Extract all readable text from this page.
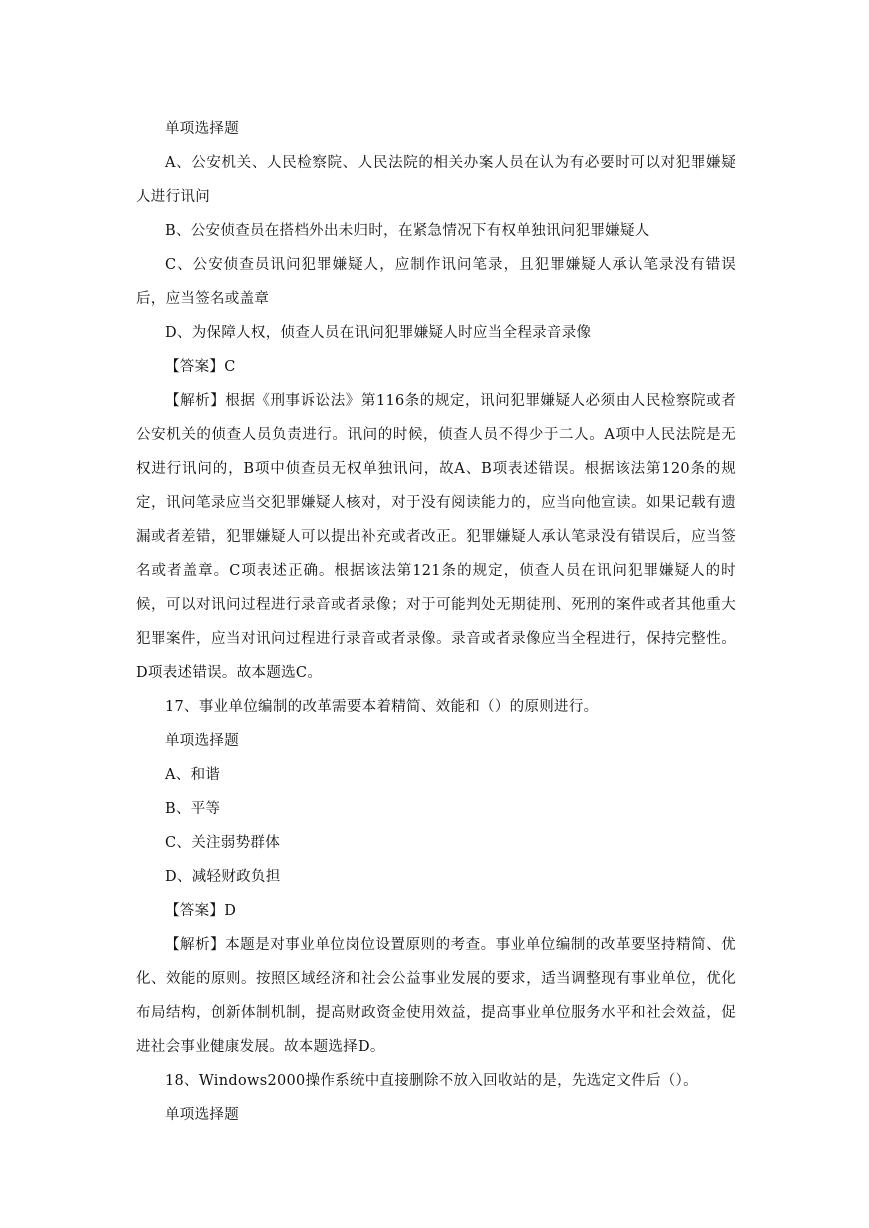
单项选择题

A、公安机关、人民检察院、人民法院的相关办案人员在认为有必要时可以对犯罪嫌疑人进行讯问

B、公安侦查员在搭档外出未归时，在紧急情况下有权单独讯问犯罪嫌疑人

C、公安侦查员讯问犯罪嫌疑人，应制作讯问笔录，且犯罪嫌疑人承认笔录没有错误后，应当签名或盖章

D、为保障人权，侦查人员在讯问犯罪嫌疑人时应当全程录音录像

【答案】C

【解析】根据《刑事诉讼法》第116条的规定，讯问犯罪嫌疑人必须由人民检察院或者公安机关的侦查人员负责进行。讯问的时候，侦查人员不得少于二人。A项中人民法院是无权进行讯问的，B项中侦查员无权单独讯问，故A、B项表述错误。根据该法第120条的规定，讯问笔录应当交犯罪嫌疑人核对，对于没有阅读能力的，应当向他宣读。如果记载有遗漏或者差错，犯罪嫌疑人可以提出补充或者改正。犯罪嫌疑人承认笔录没有错误后，应当签名或者盖章。C项表述正确。根据该法第121条的规定，侦查人员在讯问犯罪嫌疑人的时候，可以对讯问过程进行录音或者录像；对于可能判处无期徒刑、死刑的案件或者其他重大犯罪案件，应当对讯问过程进行录音或者录像。录音或者录像应当全程进行，保持完整性。D项表述错误。故本题选C。

17、事业单位编制的改革需要本着精简、效能和（）的原则进行。

单项选择题

A、和谐

B、平等

C、关注弱势群体

D、减轻财政负担

【答案】D

【解析】本题是对事业单位岗位设置原则的考查。事业单位编制的改革要坚持精简、优化、效能的原则。按照区域经济和社会公益事业发展的要求，适当调整现有事业单位，优化布局结构，创新体制机制，提高财政资金使用效益，提高事业单位服务水平和社会效益，促进社会事业健康发展。故本题选择D。

18、Windows2000操作系统中直接删除不放入回收站的是，先选定文件后（）。

单项选择题
